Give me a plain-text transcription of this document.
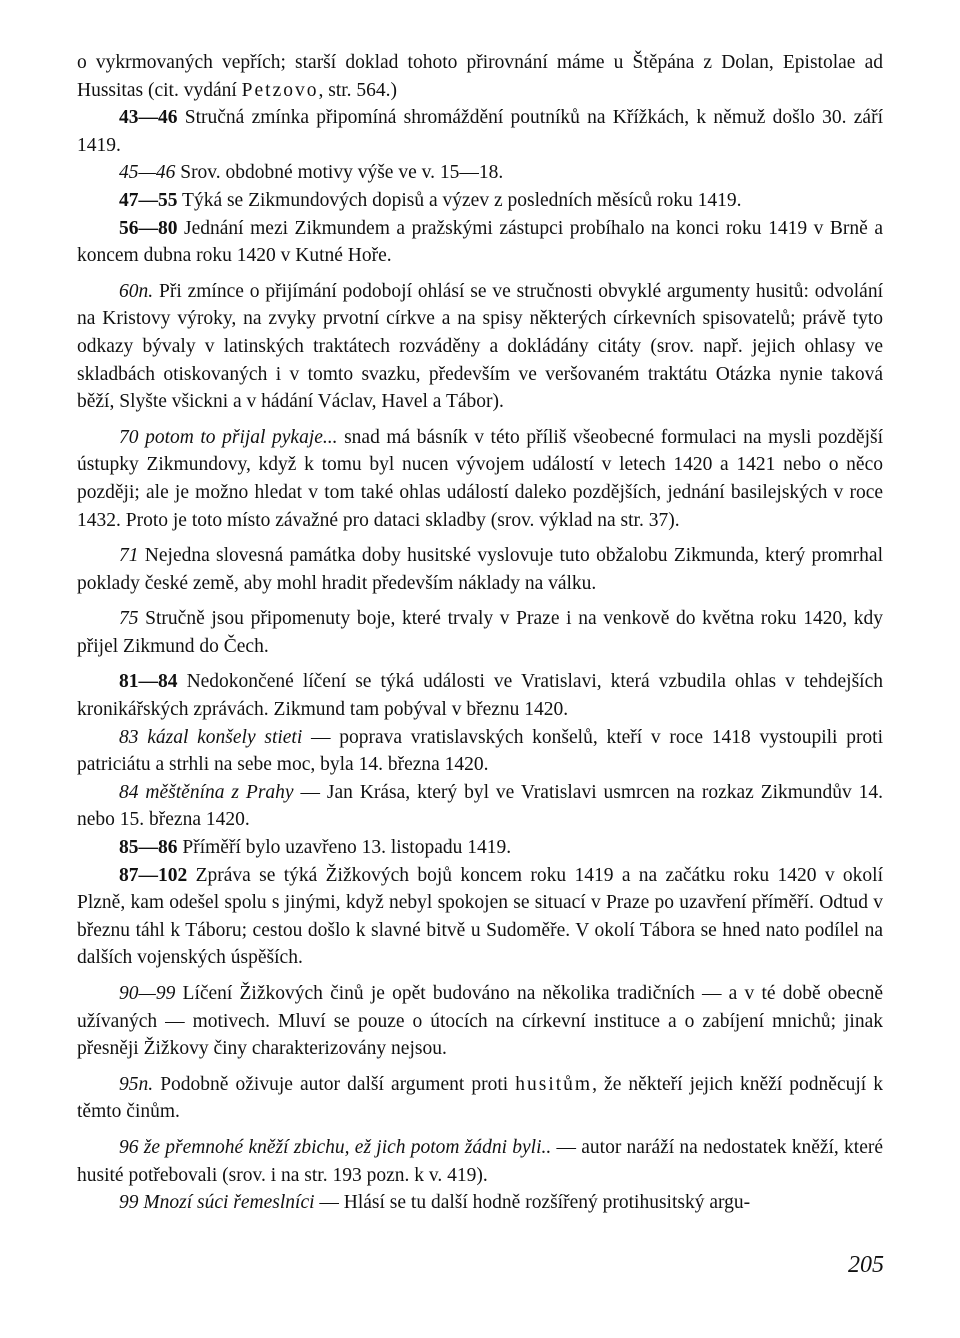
o vykrmovaných vepřích; starší doklad tohoto přirovnání máme u Štěpána z Dolan, Epistolae ad Hussitas (cit. vydání Petzovo, str. 564.)

43—46 Stručná zmínka připomíná shromáždění poutníků na Křížkách, k němuž došlo 30. září 1419.

45—46 Srov. obdobné motivy výše ve v. 15—18.

47—55 Týká se Zikmundových dopisů a výzev z posledních měsíců roku 1419.

56—80 Jednání mezi Zikmundem a pražskými zástupci probíhalo na konci roku 1419 v Brně a koncem dubna roku 1420 v Kutné Hoře.

60n. Při zmínce o přijímání podobojí ohlásí se ve stručnosti obvyklé argumenty husitů: odvolání na Kristovy výroky, na zvyky prvotní církve a na spisy některých církevních spisovatelů; právě tyto odkazy bývaly v latinských traktátech rozváděny a dokládány citáty (srov. např. jejich ohlasy ve skladbách otiskovaných i v tomto svazku, především ve veršovaném traktátu Otázka nynie taková běží, Slyšte všickni a v hádání Václav, Havel a Tábor).

70 potom to přijal pykaje... snad má básník v této příliš všeobecné formulaci na mysli pozdější ústupky Zikmundovy, když k tomu byl nucen vývojem událostí v letech 1420 a 1421 nebo o něco později; ale je možno hledat v tom také ohlas událostí daleko pozdějších, jednání basilejských v roce 1432. Proto je toto místo závažné pro dataci skladby (srov. výklad na str. 37).

71 Nejedna slovesná památka doby husitské vyslovuje tuto obžalobu Zikmunda, který promrhal poklady české země, aby mohl hradit především náklady na válku.

75 Stručně jsou připomenuty boje, které trvaly v Praze i na venkově do května roku 1420, kdy přijel Zikmund do Čech.

81—84 Nedokončené líčení se týká události ve Vratislavi, která vzbudila ohlas v tehdejších kronikářských zprávách. Zikmund tam pobýval v březnu 1420.

83 kázal konšely stieti — poprava vratislavských konšelů, kteří v roce 1418 vystoupili proti patriciátu a strhli na sebe moc, byla 14. března 1420.

84 měštěnína z Prahy — Jan Krása, který byl ve Vratislavi usmrcen na rozkaz Zikmundův 14. nebo 15. března 1420.

85—86 Příměří bylo uzavřeno 13. listopadu 1419.

87—102 Zpráva se týká Žižkových bojů koncem roku 1419 a na začátku roku 1420 v okolí Plzně, kam odešel spolu s jinými, když nebyl spokojen se situací v Praze po uzavření příměří. Odtud v březnu táhl k Táboru; cestou došlo k slavné bitvě u Sudoměře. V okolí Tábora se hned nato podílel na dalších vojenských úspěších.

90—99 Líčení Žižkových činů je opět budováno na několika tradičních — a v té době obecně užívaných — motivech. Mluví se pouze o útocích na církevní instituce a o zabíjení mnichů; jinak přesněji Žižkovy činy charakterizovány nejsou.

95n. Podobně oživuje autor další argument proti husitům, že někteří jejich kněží podněcují k těmto činům.

96 že přemnohé kněží zbichu, ež jich potom žádni byli.. — autor naráží na nedostatek kněží, které husité potřebovali (srov. i na str. 193 pozn. k v. 419).

99 Mnozí súci řemeslníci — Hlásí se tu další hodně rozšířený protihusitský argu-

205
